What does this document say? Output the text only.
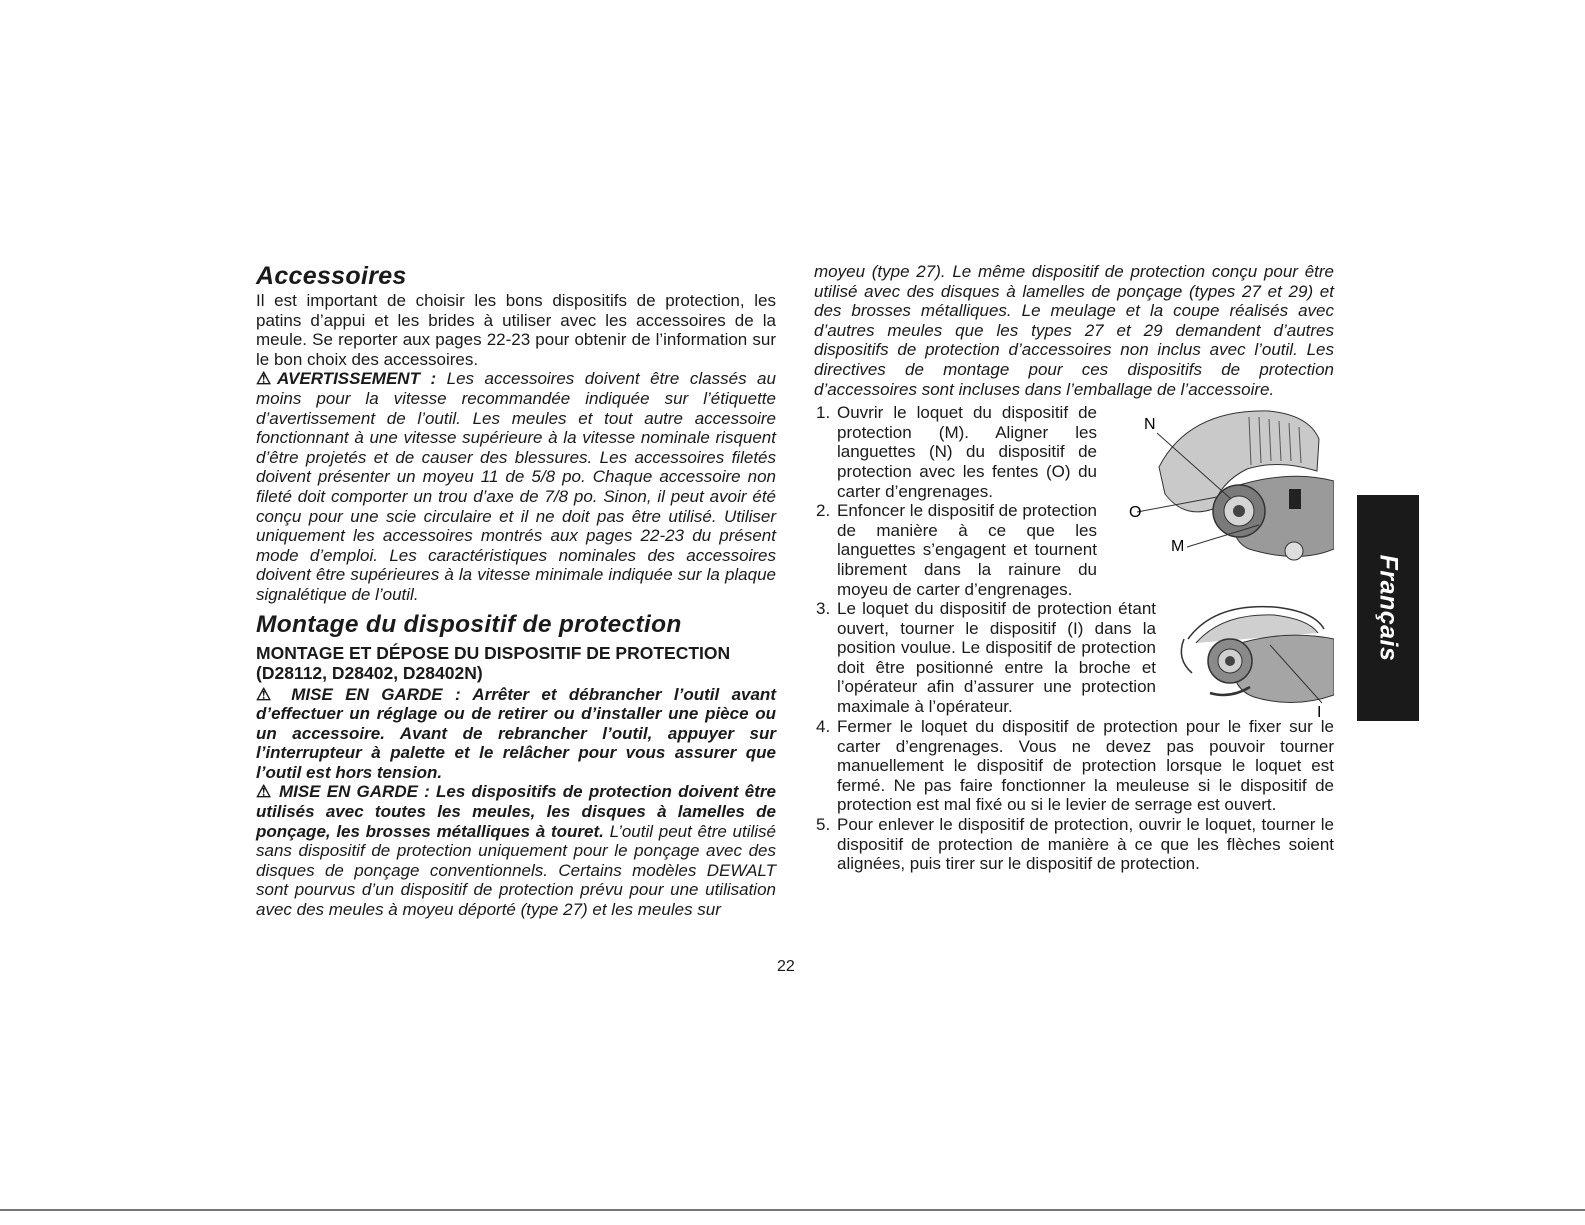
Accessoires

Il est important de choisir les bons dispositifs de protection, les patins d’appui et les brides à utiliser avec les accessoires de la meule. Se reporter aux pages 22-23 pour obtenir de l’information sur le bon choix des accessoires.

⚠AVERTISSEMENT : Les accessoires doivent être classés au moins pour la vitesse recommandée indiquée sur l’étiquette d’avertissement de l’outil. Les meules et tout autre accessoire fonctionnant à une vitesse supérieure à la vitesse nominale risquent d’être projetés et de causer des blessures. Les accessoires filetés doivent présenter un moyeu 11 de 5/8 po. Chaque accessoire non fileté doit comporter un trou d’axe de 7/8 po. Sinon, il peut avoir été conçu pour une scie circulaire et il ne doit pas être utilisé. Utiliser uniquement les accessoires montrés aux pages 22-23 du présent mode d’emploi. Les caractéristiques nominales des accessoires doivent être supérieures à la vitesse minimale indiquée sur la plaque signalétique de l’outil.

Montage du dispositif de protection
MONTAGE ET DÉPOSE DU DISPOSITIF DE PROTECTION
(D28112, D28402, D28402N)

⚠ MISE EN GARDE : Arrêter et débrancher l’outil avant d’effectuer un réglage ou de retirer ou d’installer une pièce ou un accessoire. Avant de rebrancher l’outil, appuyer sur l’interrupteur à palette et le relâcher pour vous assurer que l’outil est hors tension.

⚠ MISE EN GARDE : Les dispositifs de protection doivent être utilisés avec toutes les meules, les disques à lamelles de ponçage, les brosses métalliques à touret. L’outil peut être utilisé sans dispositif de protection uniquement pour le ponçage avec des disques de ponçage conventionnels. Certains modèles DEWALT sont pourvus d’un dispositif de protection prévu pour une utilisation avec des meules à moyeu déporté (type 27) et les meules sur

moyeu (type 27). Le même dispositif de protection conçu pour être utilisé avec des disques à lamelles de ponçage (types 27 et 29) et des brosses métalliques. Le meulage et la coupe réalisés avec d’autres meules que les types 27 et 29 demandent d’autres dispositifs de protection d’accessoires non inclus avec l’outil. Les directives de montage pour ces dispositifs de protection d’accessoires sont incluses dans l’emballage de l’accessoire.

1. Ouvrir le loquet du dispositif de protection (M). Aligner les languettes (N) du dispositif de protection avec les fentes (O) du carter d’engrenages.
2. Enfoncer le dispositif de protection de manière à ce que les languettes s’engagent et tournent librement dans la rainure du moyeu de carter d’engrenages.
N
O
M
3. Le loquet du dispositif de protection étant ouvert, tourner le dispositif (I) dans la position voulue. Le dispositif de protection doit être positionné entre la broche et l’opérateur afin d’assurer une protection maximale à l’opérateur.	I
4. Fermer le loquet du dispositif de protection pour le fixer sur le carter d’engrenages. Vous ne devez pas pouvoir tourner manuellement le dispositif de protection lorsque le loquet est fermé. Ne pas faire fonctionner la meuleuse si le dispositif de protection est mal fixé ou si le levier de serrage est ouvert.
5. Pour enlever le dispositif de protection, ouvrir le loquet, tourner le dispositif de protection de manière à ce que les flèches soient alignées, puis tirer sur le dispositif de protection.
22
Français
